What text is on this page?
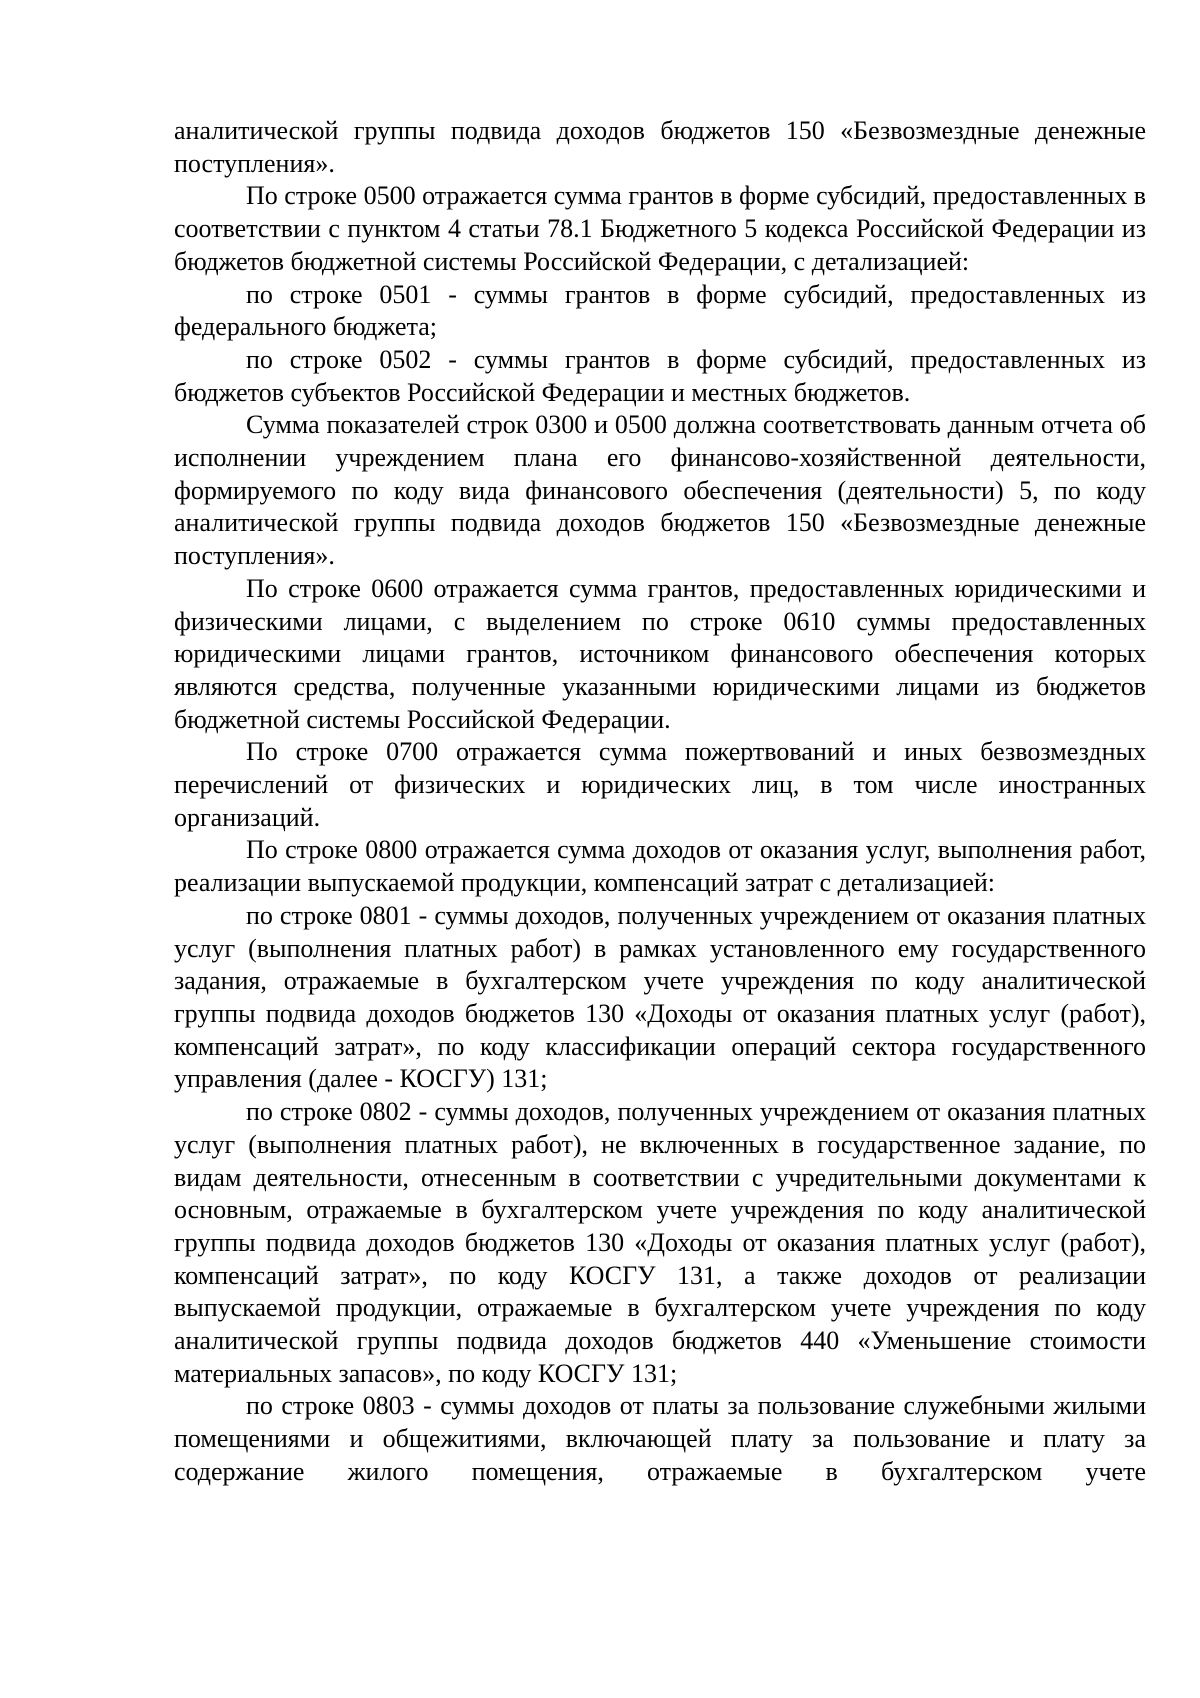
аналитической группы подвида доходов бюджетов 150 «Безвозмездные денежные поступления».

По строке 0500 отражается сумма грантов в форме субсидий, предоставленных в соответствии с пунктом 4 статьи 78.1 Бюджетного 5 кодекса Российской Федерации из бюджетов бюджетной системы Российской Федерации, с детализацией:

по строке 0501 - суммы грантов в форме субсидий, предоставленных из федерального бюджета;

по строке 0502 - суммы грантов в форме субсидий, предоставленных из бюджетов субъектов Российской Федерации и местных бюджетов.

Сумма показателей строк 0300 и 0500 должна соответствовать данным отчета об исполнении учреждением плана его финансово-хозяйственной деятельности, формируемого по коду вида финансового обеспечения (деятельности) 5, по коду аналитической группы подвида доходов бюджетов 150 «Безвозмездные денежные поступления».

По строке 0600 отражается сумма грантов, предоставленных юридическими и физическими лицами, с выделением по строке 0610 суммы предоставленных юридическими лицами грантов, источником финансового обеспечения которых являются средства, полученные указанными юридическими лицами из бюджетов бюджетной системы Российской Федерации.

По строке 0700 отражается сумма пожертвований и иных безвозмездных перечислений от физических и юридических лиц, в том числе иностранных организаций.

По строке 0800 отражается сумма доходов от оказания услуг, выполнения работ, реализации выпускаемой продукции, компенсаций затрат с детализацией:

по строке 0801 - суммы доходов, полученных учреждением от оказания платных услуг (выполнения платных работ) в рамках установленного ему государственного задания, отражаемые в бухгалтерском учете учреждения по коду аналитической группы подвида доходов бюджетов 130 «Доходы от оказания платных услуг (работ), компенсаций затрат», по коду классификации операций сектора государственного управления (далее - КОСГУ) 131;

по строке 0802 - суммы доходов, полученных учреждением от оказания платных услуг (выполнения платных работ), не включенных в государственное задание, по видам деятельности, отнесенным в соответствии с учредительными документами к основным, отражаемые в бухгалтерском учете учреждения по коду аналитической группы подвида доходов бюджетов 130 «Доходы от оказания платных услуг (работ), компенсаций затрат», по коду КОСГУ 131, а также доходов от реализации выпускаемой продукции, отражаемые в бухгалтерском учете учреждения по коду аналитической группы подвида доходов бюджетов 440 «Уменьшение стоимости материальных запасов», по коду КОСГУ 131;

по строке 0803 - суммы доходов от платы за пользование служебными жилыми помещениями и общежитиями, включающей плату за пользование и плату за содержание жилого помещения, отражаемые в бухгалтерском учете
